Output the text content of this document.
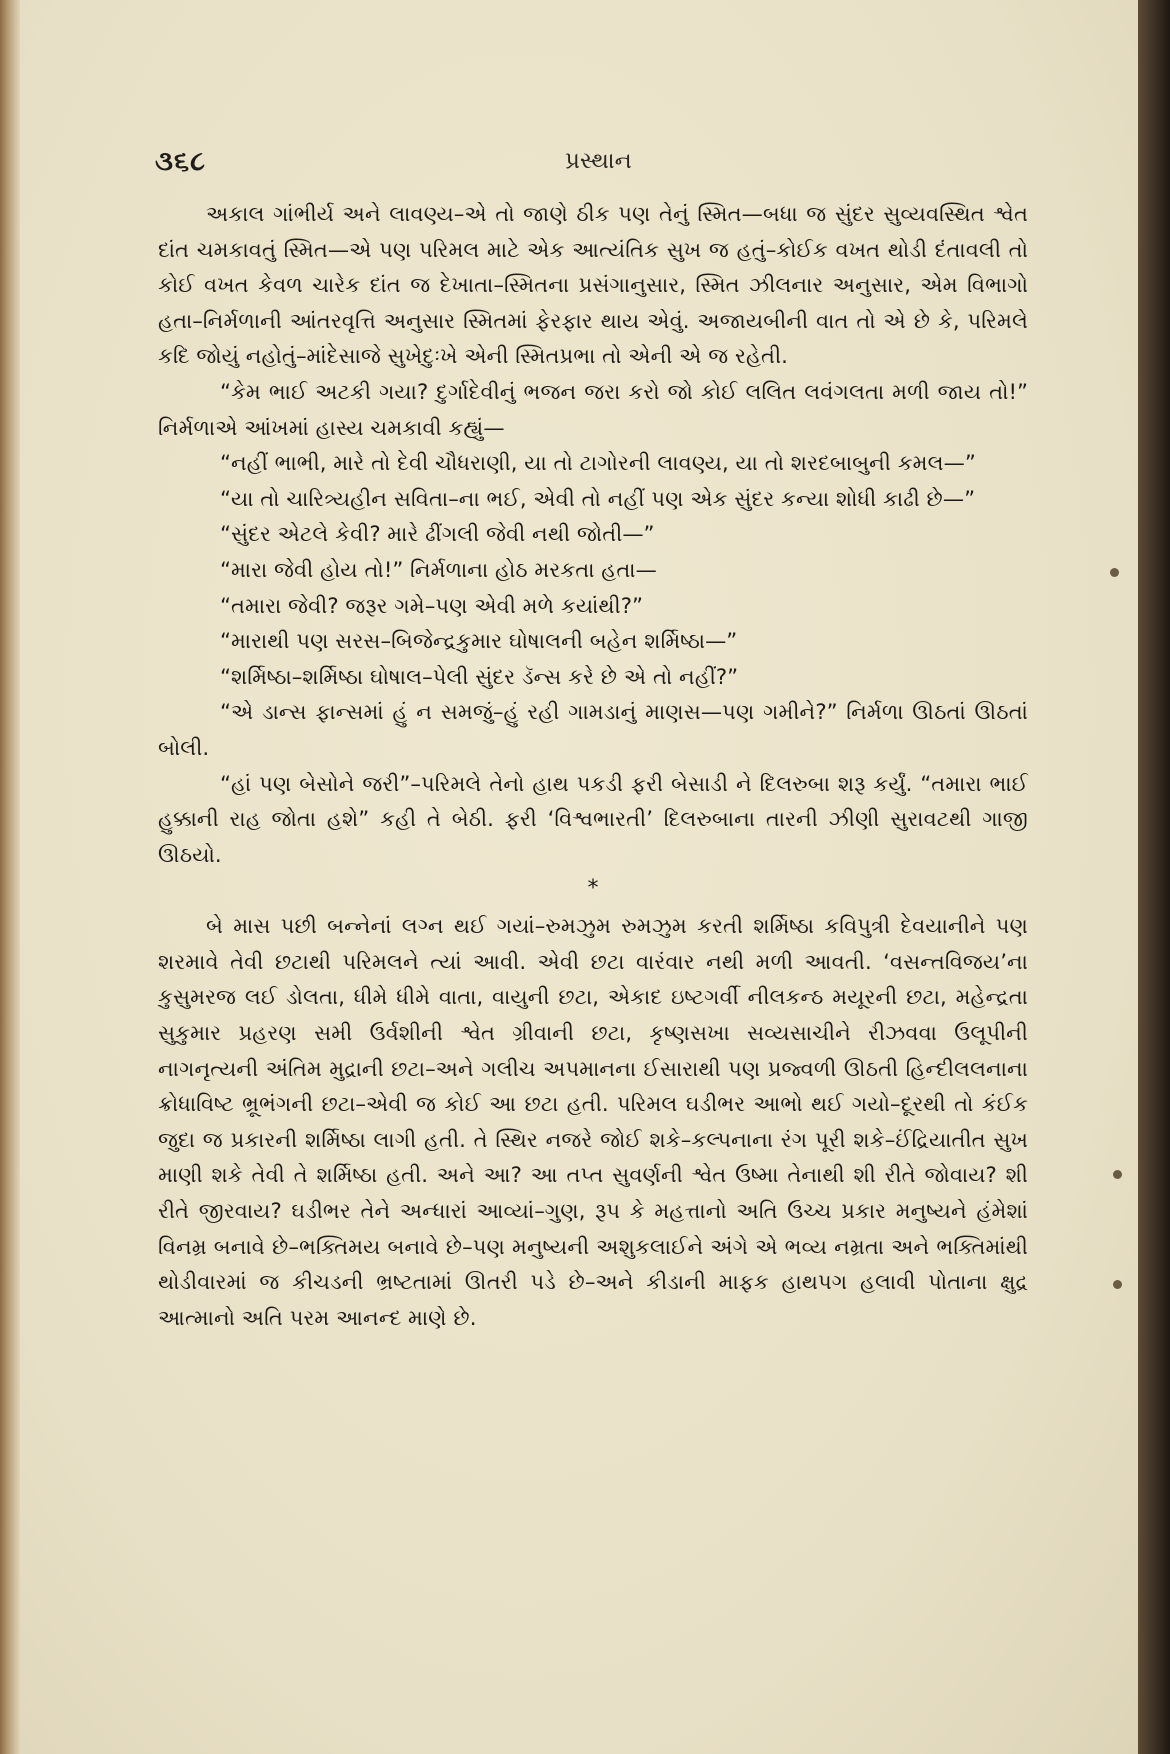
૩૬૮	પ્રસ્થાન

અકાલ ગાંભીર્ય અને લાવણ્ય–એ તો જાણે ઠીક પણ તેનું સ્મિત—બધા જ સુંદર સુવ્યવસ્થિત શ્વેત દાંત ચમકાવતું સ્મિત—એ પણ પરિમલ માટે એક આત્યંતિક સુખ જ હતું–કોઈક વખત થોડી દંતાવલી તો કોઈ વખત કેવળ ચારેક દાંત જ દેખાતા–સ્મિતના પ્રસંગાનુસાર, સ્મિત ઝીલનાર અનુસાર, એમ વિભાગો હતા–નિર્મળાની આંતરવૃત્તિ અનુસાર સ્મિતમાં ફેરફાર થાય એવું. અજાયબીની વાત તો એ છે કે, પરિમલે કદિ જોયું નહોતું–માંદેસાજે સુખેદુઃખે એની સ્મિતપ્રભા તો એની એ જ રહેતી.

“કેમ ભાઈ અટકી ગયા? દુર્ગાદેવીનું ભજન જરા કરો જો કોઈ લલિત લવંગલતા મળી જાય તો!” નિર્મળાએ આંખમાં હાસ્ય ચમકાવી કહ્યું—

“નહીં ભાભી, મારે તો દેવી ચૌધરાણી, યા તો ટાગોરની લાવણ્ય, યા તો શરદબાબુની કમલ—”

“યા તો ચારિત્ર્યહીન સવિતા–ના ભઈ, એવી તો નહીં પણ એક સુંદર કન્યા શોધી કાઢી છે—”

“સુંદર એટલે કેવી? મારે ઢીંગલી જેવી નથી જોતી—”

“મારા જેવી હોય તો!” નિર્મળાના હોઠ મરકતા હતા—

“તમારા જેવી? જરૂર ગમે–પણ એવી મળે કયાંથી?”

“મારાથી પણ સરસ–બિજેન્દ્રકુમાર ઘોષાલની બહેન શર્મિષ્ઠા—”

“શર્મિષ્ઠા–શર્મિષ્ઠા ઘોષાલ–પેલી સુંદર ડૅન્સ કરે છે એ તો નહીં?”

“એ ડાન્સ ફાન્સમાં હું ન સમજું–હું રહી ગામડાનું માણસ—પણ ગમીને?” નિર્મળા ઊઠતાં ઊઠતાં બોલી.

“હાં પણ બેસોને જરી”–પરિમલે તેનો હાથ પકડી ફરી બેસાડી ને દિલરુબા શરૂ કર્યું. “તમારા ભાઈ હુક્કાની રાહ જોતા હશે” કહી તે બેઠી. ફરી ‘વિશ્વભારતી’ દિલરુબાના તારની ઝીણી સુરાવટથી ગાજી ઊઠયો.

*

બે માસ પછી બન્નેનાં લગ્ન થઈ ગયાં–રુમઝુમ રુમઝુમ કરતી શર્મિષ્ઠા કવિપુત્રી દેવયાનીને પણ શરમાવે તેવી છટાથી પરિમલને ત્યાં આવી. એવી છટા વારંવાર નથી મળી આવતી. ‘વસન્તવિજય’ના કુસુમરજ લઈ ડોલતા, ધીમે ધીમે વાતા, વાયુની છટા, એકાદ ઇષ્ટગર્વી નીલકન્ઠ મયૂરની છટા, મહેન્દ્રતા સુકુમાર પ્રહરણ સમી ઉર્વશીની શ્વેત ગ્રીવાની છટા, કૃષ્ણસખા સવ્યસાચીને રીઝવવા ઉલૂપીની નાગનૃત્યની અંતિમ મુદ્રાની છટા–અને ગલીચ અપમાનના ઈસારાથી પણ પ્રજ્વળી ઊઠતી હિન્દીલલનાના ક્રોધાવિષ્ટ ભ્રૂભંગની છટા–એવી જ કોઈ આ છટા હતી. પરિમલ ઘડીભર આભો થઈ ગયો–દૂરથી તો કંઈક જુદા જ પ્રકારની શર્મિષ્ઠા લાગી હતી. તે સ્થિર નજરે જોઈ શકે–કલ્પનાના રંગ પૂરી શકે–ઈંદ્રિયાતીત સુખ માણી શકે તેવી તે શર્મિષ્ઠા હતી. અને આ? આ તપ્ત સુવર્ણની શ્વેત ઉષ્મા તેનાથી શી રીતે જોવાય? શી રીતે જીરવાય? ઘડીભર તેને અન્ધારાં આવ્યાં–ગુણ, રૂપ કે મહત્તાનો અતિ ઉચ્ચ પ્રકાર મનુષ્યને હંમેશાં વિનમ્ર બનાવે છે–ભક્તિમય બનાવે છે–પણ મનુષ્યની અશુકલાઈને અંગે એ ભવ્ય નમ્રતા અને ભક્તિમાંથી થોડીવારમાં જ કીચડની ભ્રષ્ટતામાં ઊતરી પડે છે–અને કીડાની માફક હાથપગ હલાવી પોતાના ક્ષુદ્ર આત્માનો અતિ પરમ આનન્દ માણે છે.
